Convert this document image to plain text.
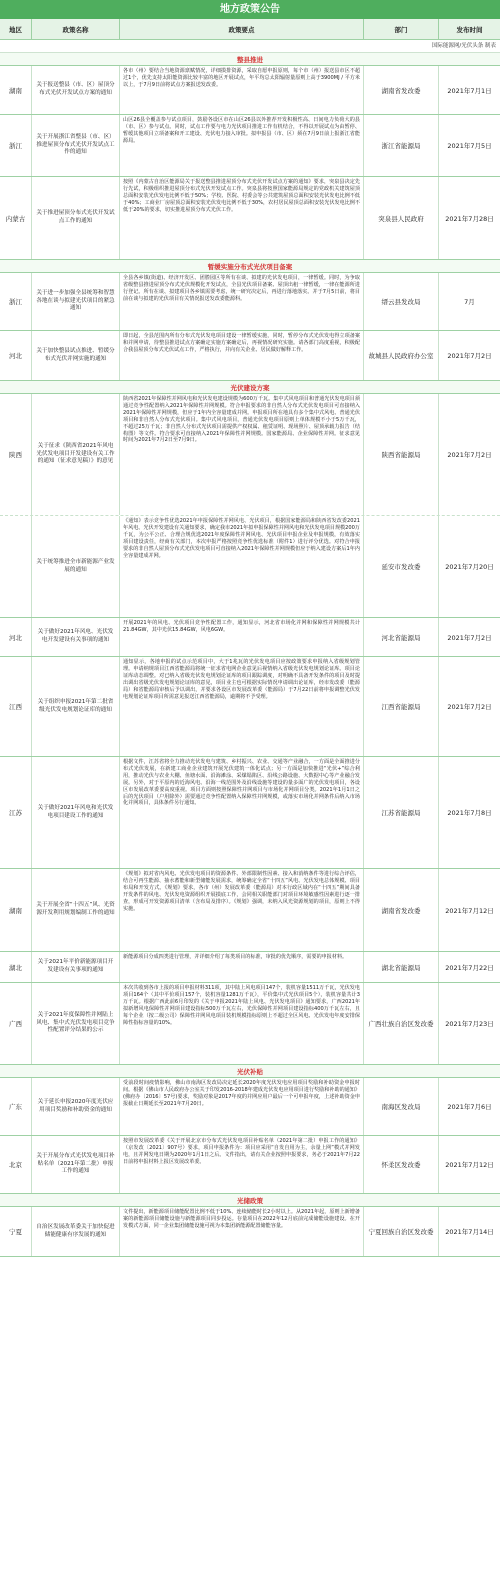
地方政策公告
地区	政策名称	政策要点	部门	发布时间
国际能源网/光伏头条 制表
整县推进
湖南
关于报送整县（市、区）屋顶分布式光伏开发试点方案的通知
各市（州）要结合当地资源禀赋情况，详细摸排资源，采取自愿申报原则，每个市（州）报送县市区不超过1个，优先支持太阳能资源比较丰富的地区开展试点，年平均总太阳辐射量原则上高于3900MJ / 平方米以上，于7月9日前将试点方案报送发改委。
湖南省发改委	2021年7月1日
浙江
关于开展浙江省整县（市、区）推进屋顶分布式光伏开发试点工作的通知
山区26县全覆盖参与试点项目，鼓励各设区市在山区26县以外推荐开发积极性高、日间电力负荷大的县（市、区）参与试点。同时，试点工作要与电力光伏项目推进工作有机结合，不得以开展试点为由暂停、暂缓其他项目立项备案和开工建设、光伏电力接入审批。拟申报县（市、区）须在7月9日前上报浙江省能源局。
浙江省能源局	2021年7月5日
内蒙古
关于推进屋顶分布式光伏开发试点工作的通知
按照《内蒙古自治区能源局关于报送整县推进屋顶分布式光伏开发试点方案的通知》要求，突泉县决定先行先试，积极组织推进屋顶分布式光伏开发试点工作。突泉县将按照国家能源局规定的党政机关建筑屋顶总面积安装光伏发电比例不低于50%；学校、医院、村委会等公共建筑屋顶总面积安装光伏发电比例不低于40%；工商业厂房屋顶总面积安装光伏发电比例不低于30%，农村居民屋顶总面积安装光伏发电比例不低于20%的要求，切实推进屋顶分布式光伏工作。
突泉县人民政府	2021年7月28日
暂缓实施分布式光伏项目备案
浙江
关于进一步加强全县统筹和智慧各地在谈与拟建光伏项目的紧急通知
全县各乡镇(街道)、经济开发区、团塍园区等所有在谈、拟建的光伏发电项目，一律暂缓。同时，为争取省级整县推进屋顶分布式光伏规模化开发试点，全县光伏项目备案、屋顶出租一律暂缓，一律在能源所进行登记。所有在谈、拟建项目各乡镇需要考虑，统一研究决定后，再进行落地落实。并于7月5日前，将目前在谈与拟建的光伏项目有关情况报送发改委能源科。	缙云县发改局	7月
河北
关于加快整县试点推进、暂缓分布式光伏并网实施的通知
即日起，全县范围内所有分布式光伏发电项目建设一律暂缓实施，同时，暂停分布式光伏发电得立项备案和并网申请，待整县推进试点方案确定实施方案确定后，再视情况研究实施。请各部门高度重视，积极配合我县屋顶分布式光伏试点工作，严格执行，并向有关企业、居民做好解释工作。
故城县人民政府办公室	2021年7月2日
光伏建设方案
陕西
关于征求《陕西省2021年风电光伏发电项目开发建设有关工作的通知（征求意见稿）》的意见
陕西省2021年保障性并网风电和光伏发电建设规模为600万千瓦。集中式风电项目和普通光伏发电项目须通过竞争性配置纳入2021年保障性并网规模。符合申报要求的非自然人分布式光伏发电项目可直接纳入2021年保障性并网规模，但应于1年内全容量建成并网。申报项目所在地具有多个集中式风电、普通光伏项目和非自然人分布式光伏项目。集中式风电项目，普通光伏发电项目原则上单体规模不小于5万千瓦，不超过25万千瓦；非自然人分布式光伏项目需提供产权权属、租赁证明、现场照片、屋顶承载力报告（结构图）等文件。符合要求可直接纳入2021年保障性并网规模。国家能源局、企业保障性并网。征求意见时间为2021年7月2日至7月9日。
陕西省能源局	2021年7月2日
关于统筹推进全市新能源产业发展的通知
《通知》表示竞争性优选2021年申报保障性并网风电、光伏项目，根据国家能源局和陕西省发改委2021年风电、光伏开发建设有关通知要求，确定我市2021年拟申报保障性并网风电和光伏发电项目规模200万千瓦，为公平公正、合理合规优选2021年度保障性并网风电、光伏项目申报企业及申报规模，有效落实项目建设责任，经商有关部门，本次申报严格按照竞争性优选标准（附件1）进行评分优选。对符合申报要求的非自然人屋顶分布式光伏发电项目可直接纳入2021年保障性并网规模但应于纳入建设方案后1年内全容量建成并网。
延安市发改委	2021年7月20日
河北
关于做好2021年风电、光伏发电开发建设有关事项的通知
开展2021年的风电、光伏项目竞争性配置工作，通知显示，河北省市场化并网和保障性并网规模共计21.84GW，其中光伏15.84GW，风电6GW。
河北省能源局	2021年7月2日
江西
关于组织申报2021年第二批省级光伏发电规划论证库的通知
通知显示，各地申报的试点示范项目中，大于1兆瓦的光伏发电项目应按政策要求申报纳入省级规划管理。申请纳规项目江西省能源局将统一征求省电网企业意见后视情纳入省级光伏发电规划论证库。项目论证库动态调整。对已纳入省级光伏发电规划论证库的项目跟踪调度，对明确不具备开发条件的项目及时提出调出省级光伏发电规划论证库的意见，项目业主也可根据实际情况申请调出论证库，经市发改委（能源局）和省能源局审核后予以调出，并要求各设区市发展改革委（能源局）于7月22日前将申报调整光伏发电规划论证库项目所需意见报送江西省能源局，逾期将不予受理。
江西省能源局	2021年7月2日
江苏
关于做好2021年风电和光伏发电项目建设工作的通知
根据文件，江苏省将全力推动光伏发电与建筑、乡村振兴、农业、交通等产业融合，一方面是全面推进分布式光伏发展，在新建工商业企业建筑开展光伏建筑一体化试点；另一方面是加快推进“光伏+”综合利用，推动光伏与农业大棚、鱼塘水面、沿海滩涂、采煤塌陷区、沿线公路设施、大数据中心等产业融合发展。另外，对于平原内的近海风电、沿海一线范围外及沿线设施等建设的量多面广的光伏发电项目，各设区市发展改革委要高度重视。项目方面则按照保障性并网项目与市场化并网项目分类。2021年1月1日之后的光伏项目（户用除外）需要通过竞争性配置纳入保障性并网规模，或落实市场化并网条件后纳入市场化并网项目，具体条件另行通知。
江苏省能源局	2021年7月8日
湖南
关于开展全省“十四五”风、光资源开发利用规划编制工作的通知
《规划》拟对省内风电、光伏发电项目的资源条件、外部限制性因素、接入和消纳条件等进行综合评估，结合可再生能源、抽水蓄能和新型储能发展需求，统筹确定全省“十四五”风电、光伏发电总体规模、项目布局和开发方式。《规划》要求，各市（州）发展改革委（能源局）对本行政区域内在“十四五”期间具备开发条件的风电、光伏发电资源组织开展摸底工作，会同相关职能部门对项目环境敏感性因素进行逐一排查，形成可开发资源项目清单（含布局及排序）。《规划》强调，未纳入风光资源规划的项目，原则上不得实施。	湖南省发改委	2021年7月12日
湖北
关于2021年平价新能源项目开发建设有关事项的通知
新能源项目分成四类进行管理，并详细介绍了每类项目的标准，审批的优先顺序，需要的申报材料。
湖北省能源局	2021年7月22日
广西
关于2021年度保障性并网陆上风电、集中式光伏发电项目竞争性配置评分结果的公示
本次共收到各市上报的项目申报材料311项，其中陆上风电项目147个，装机容量1511万千瓦，光伏发电项目164个（其中平价项目157个，装机容量1281万千瓦），平价集中式光伏项目5个），装机容量共计3万千瓦。根据广西此前6月印发的《关于申报2021年陆上风电、光伏发电项目》通知要求，广西2021年拟新增风电保障性并网项目建设指标500万千瓦左右，光伏保障性并网项目建设指标400万千瓦左右，且每个企业（按二级公司）保障性并网风电项目装机规模指标原则上不超过全区风电、光伏发电年度安排保障性指标容量的10%。	广西壮族自治区发改委	2021年7月23日
光伏补贴
广东
关于延长申报2020年度光伏应用项目奖励和补助资金的通知
受前段时间疫情影响，佛山市南海区发改局决定延长2020年度光伏发电应用项目奖励和补助资金申报时间。根据《佛山市人民政府办公室关于印发2016-2018年建成光伏发电应用项目进行奖励和补助的通知》(佛府办〔2016〕57号)要求，奖励对象是2017年度的并网应用户最后一个可申报年度，上述补助资金申报截止日期延长至2021年7月20日。	南海区发改局	2021年7月6日
北京
关于开展分布式光伏发电项目补贴名单（2021年第二批）申报工作的通知
按照市发展改革委《关于开展北京市分布式光伏发电项目补贴名单（2021年第二批）申报工作的通知》（京发改〔2021〕907号）要求，项目申报条件为：项目应采用“自发自用为主，余量上网”模式并网发电，且并网发电日期为2020年1月1日之后。文件指出，请有关企业按照申报要求，务必于2021年7月22日前将申报材料上报区发展改革委。	怀柔区发改委	2021年7月12日
光储政策
宁夏
自治区发展改革委关于加快促进储能健康有序发展的通知
文件提出，新能源项目储能配置比例不低于10%、连续储能时长2小时以上。从2021年起，原则上新增备案的新能源项目储能设施与新能源项目同步投运。存量项目在2022年12月底前完成储能设施建设。在开发模式方面，同一企业集团储能设施可视为本集团新能源配置储能容量。
宁夏回族自治区发改委	2021年7月14日
